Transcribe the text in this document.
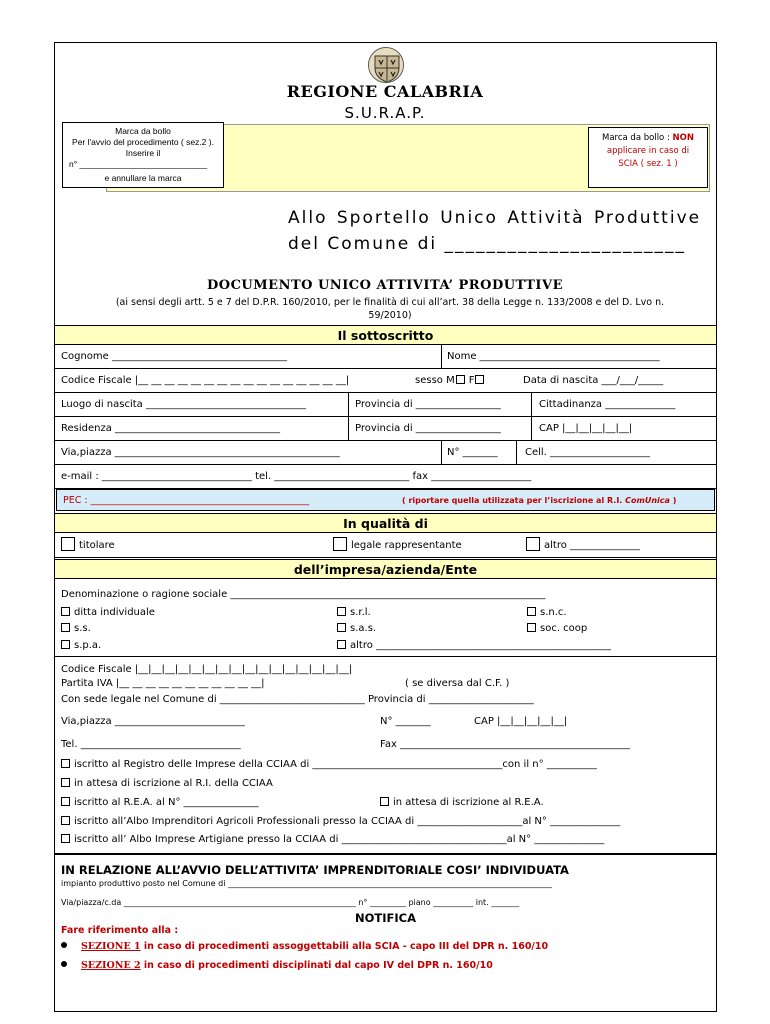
REGIONE CALABRIA
S.U.R.A.P.
Marca da bollo
Per l'avvio del procedimento ( sez.2 ).
Inserire il
n° ___________________________
e annullare la marca
Marca da bollo : NON
applicare in caso di
SCIA ( sez. 1 )
Allo Sportello Unico Attività Produttive
del Comune di _______________________
DOCUMENTO UNICO ATTIVITA’ PRODUTTIVE
(ai sensi degli artt. 5 e 7 del D.P.R. 160/2010, per le finalità di cui all’art. 38 della Legge n. 133/2008 e del D. Lvo n.
59/2010)
Il sottoscritto
Cognome ___________________________________	Nome ____________________________________
Codice Fiscale |__ __ __ __ __ __ __ __ __ __ __ __ __ __ __ __|	sesso M F	Data di nascita ___/___/_____
Luogo di nascita ________________________________	Provincia di _________________	Cittadinanza ______________
Residenza _________________________________	Provincia di _________________	CAP |__|__|__|__|__|
Via,piazza _____________________________________________	N° _______	Cell. ____________________
e-mail : ______________________________ tel. ___________________________ fax ____________________
PEC : ______________________________________________	( riportare quella utilizzata per l’iscrizione al R.I. ComUnica )
In qualità di
titolare	legale rappresentante	altro ______________
dell’impresa/azienda/Ente
Denominazione o ragione sociale _______________________________________________________________
ditta individuale	s.r.l.	s.n.c.
s.s.	s.a.s.	soc. coop
s.p.a.	altro _______________________________________________
Codice Fiscale |__|__|__|__|__|__|__|__|__|__|__|__|__|__|__|__|
Partita IVA |__ __ __ __ __ __ __ __ __ __ __|	( se diversa dal C.F. )
Con sede legale nel Comune di _____________________________ Provincia di _____________________
Via,piazza __________________________	N° _______	CAP |__|__|__|__|__|
Tel. ________________________________	Fax ______________________________________________
iscritto al Registro delle Imprese della CCIAA di ______________________________________con il n° __________
in attesa di iscrizione al R.I. della CCIAA
iscritto al R.E.A. al N° _______________	in attesa di iscrizione al R.E.A.
iscritto all’Albo Imprenditori Agricoli Professionali presso la CCIAA di _____________________al N° ______________
iscritto all’ Albo Imprese Artigiane presso la CCIAA di _________________________________al N° ______________
IN RELAZIONE ALL’AVVIO DELL’ATTIVITA’ IMPRENDITORIALE COSI’ INDIVIDUATA
impianto produttivo posto nel Comune di _________________________________________________________________________________
Via/piazza/c.da __________________________________________________________ n° _________ piano __________ int. _______
NOTIFICA
Fare riferimento alla :
SEZIONE 1 in caso di procedimenti assoggettabili alla SCIA - capo III del DPR n. 160/10
SEZIONE 2 in caso di procedimenti disciplinati dal capo IV del DPR n. 160/10
